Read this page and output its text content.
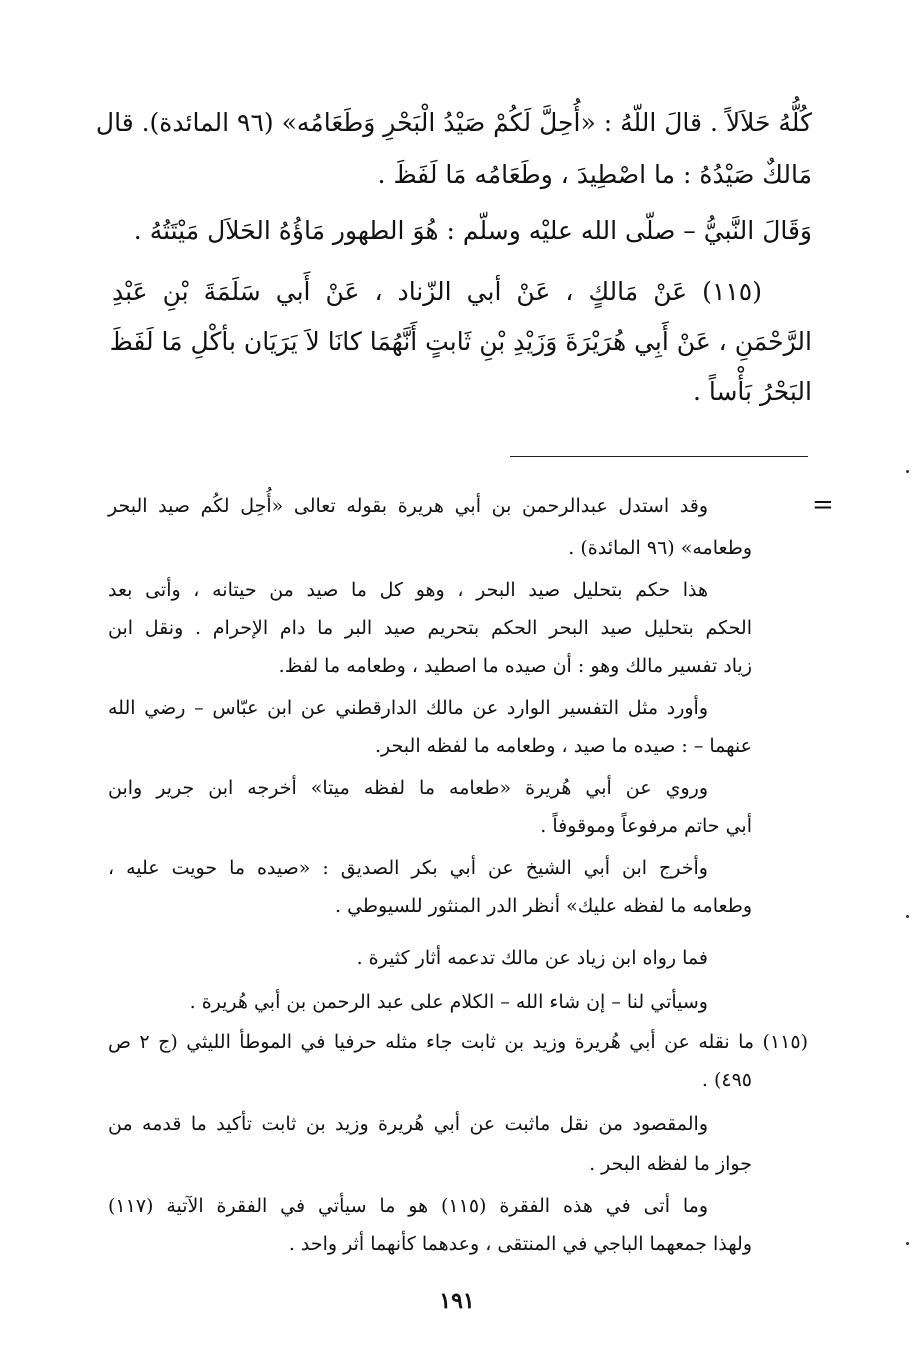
كُلُّهُ حَلاَلاً . قالَ اللّهُ : «أُحِلَّ لَكُمْ صَيْدُ الْبَحْرِ وَطَعَامُه» (٩٦ المائدة). قال
مَالكٌ صَيْدُهُ : ما اصْطِيدَ ، وطَعَامُه مَا لَفَظَ .
وَقَالَ النَّبيُّ – صلّى الله عليْه وسلّم : هُوَ الطهور مَاؤُهُ الحَلاَل مَيْتَتُهُ .
(١١٥) عَنْ مَالكٍ ، عَنْ أبي الزّناد ، عَنْ أَبي سَلَمَةَ بْنِ عَبْدِ
الرَّحْمَنِ ، عَنْ أَبِي هُرَيْرَةَ وَزَيْدِ بْنِ ثَابتٍ أَنَّهُمَا كانَا لاَ يَرَيَان بأكْلِ مَا لَفَظَ
البَحْرُ بَأْساً .
=
وقد استدل عبدالرحمن بن أبي هريرة بقوله تعالى «أُحِل لكُم صيد البحر
وطعامه» (٩٦ المائدة) .
هذا حكم بتحليل صيد البحر ، وهو كل ما صيد من حيتانه ، وأتى بعد
الحكم بتحليل صيد البحر الحكم بتحريم صيد البر ما دام الإحرام . ونقل ابن
زياد تفسير مالك وهو : أن صيده ما اصطيد ، وطعامه ما لفظ.
وأورد مثل التفسير الوارد عن مالك الدارقطني عن ابن عبّاس – رضي الله
عنهما – : صيده ما صيد ، وطعامه ما لفظه البحر.
وروي عن أبي هُريرة «طعامه ما لفظه ميتا» أخرجه ابن جرير وابن
أبي حاتم مرفوعاً وموقوفاً .
وأخرج ابن أبي الشيخ عن أبي بكر الصديق : «صيده ما حويت عليه ،
وطعامه ما لفظه عليك» أنظر الدر المنثور للسيوطي .
فما رواه ابن زياد عن مالك تدعمه أثار كثيرة .
وسيأتي لنا – إن شاء الله – الكلام على عبد الرحمن بن أبي هُريرة .
(١١٥) ما نقله عن أبي هُريرة وزيد بن ثابت جاء مثله حرفيا في الموطأ الليثي (ج ٢ ص
٤٩٥) .
والمقصود من نقل ماثبت عن أبي هُريرة وزيد بن ثابت تأكيد ما قدمه من
جواز ما لفظه البحر .
وما أتى في هذه الفقرة (١١٥) هو ما سيأتي في الفقرة الآتية (١١٧)
ولهذا جمعهما الباجي في المنتقى ، وعدهما كأنهما أثر واحد .
١٩١
